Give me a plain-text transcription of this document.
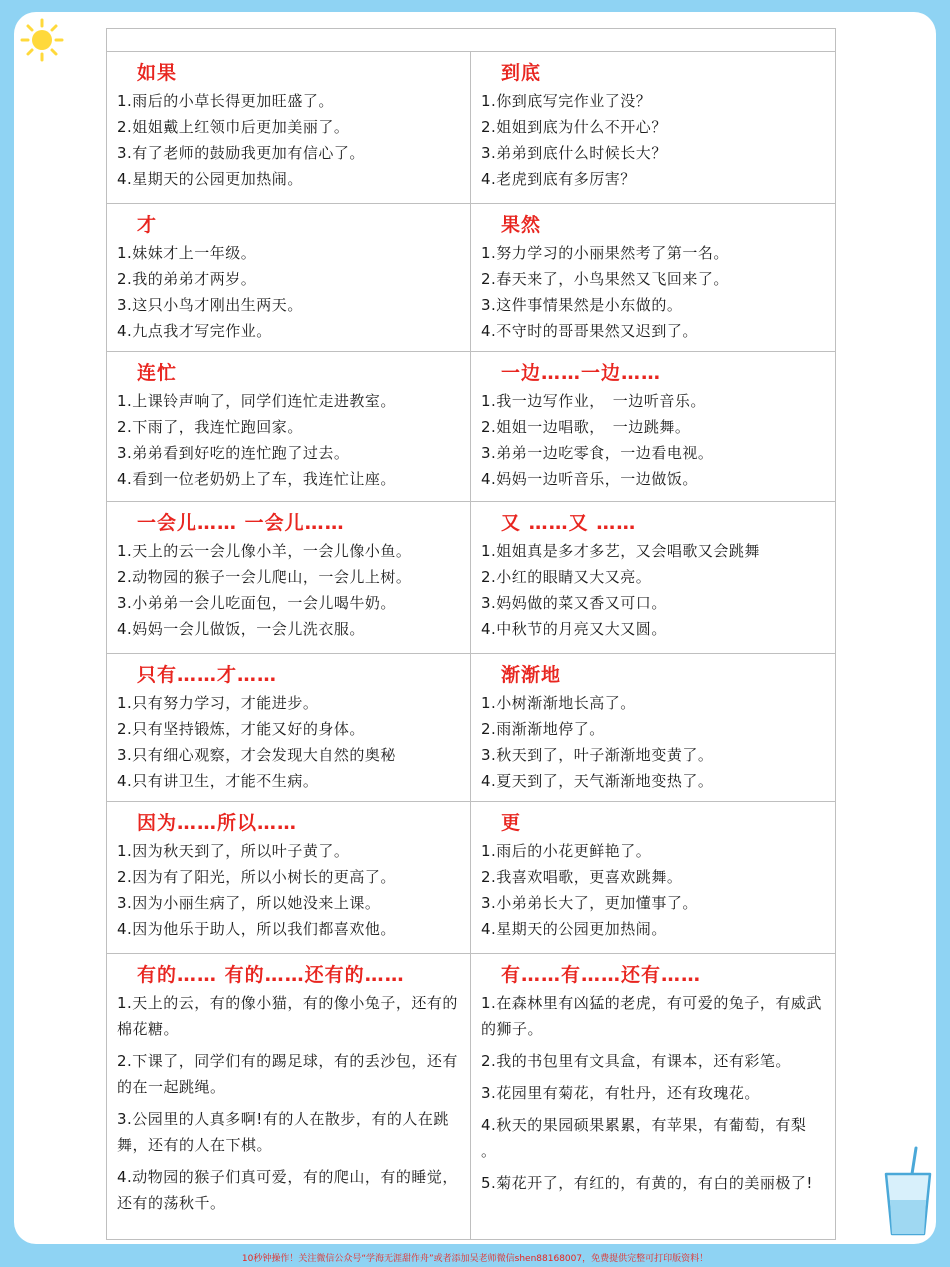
如果
1.雨后的小草长得更加旺盛了。
2.姐姐戴上红领巾后更加美丽了。
3.有了老师的鼓励我更加有信心了。
4.星期天的公园更加热闹。
到底
1.你到底写完作业了没？
2.姐姐到底为什么不开心？
3.弟弟到底什么时候长大？
4.老虎到底有多厉害？
才
1.妹妹才上一年级。
2.我的弟弟才两岁。
3.这只小鸟才刚出生两天。
4.九点我才写完作业。
果然
1.努力学习的小丽果然考了第一名。
2.春天来了，小鸟果然又飞回来了。
3.这件事情果然是小东做的。
4.不守时的哥哥果然又迟到了。
连忙
1.上课铃声响了，同学们连忙走进教室。
2.下雨了，我连忙跑回家。
3.弟弟看到好吃的连忙跑了过去。
4.看到一位老奶奶上了车，我连忙让座。
一边……一边……
1.我一边写作业，　一边听音乐。
2.姐姐一边唱歌，　一边跳舞。
3.弟弟一边吃零食，一边看电视。
4.妈妈一边听音乐，一边做饭。
一会儿…… 一会儿……
1.天上的云一会儿像小羊，一会儿像小鱼。
2.动物园的猴子一会儿爬山，一会儿上树。
3.小弟弟一会儿吃面包，一会儿喝牛奶。
4.妈妈一会儿做饭，一会儿洗衣服。
又 ……又 ……
1.姐姐真是多才多艺，又会唱歌又会跳舞
2.小红的眼睛又大又亮。
3.妈妈做的菜又香又可口。
4.中秋节的月亮又大又圆。
只有……才……
1.只有努力学习，才能进步。
2.只有坚持锻炼，才能又好的身体。
3.只有细心观察，才会发现大自然的奥秘
4.只有讲卫生，才能不生病。
渐渐地
1.小树渐渐地长高了。
2.雨渐渐地停了。
3.秋天到了，叶子渐渐地变黄了。
4.夏天到了，天气渐渐地变热了。
因为……所以……
1.因为秋天到了，所以叶子黄了。
2.因为有了阳光，所以小树长的更高了。
3.因为小丽生病了，所以她没来上课。
4.因为他乐于助人，所以我们都喜欢他。
更
1.雨后的小花更鲜艳了。
2.我喜欢唱歌，更喜欢跳舞。
3.小弟弟长大了，更加懂事了。
4.星期天的公园更加热闹。
有的…… 有的……还有的……
1.天上的云，有的像小猫，有的像小兔子，还有的棉花糖。
2.下课了，同学们有的踢足球，有的丢沙包，还有的在一起跳绳。
3.公园里的人真多啊!有的人在散步，有的人在跳舞，还有的人在下棋。
4.动物园的猴子们真可爱，有的爬山，有的睡觉，还有的荡秋千。
有……有……还有……
1.在森林里有凶猛的老虎，有可爱的兔子，有威武的狮子。
2.我的书包里有文具盒，有课本，还有彩笔。
3.花园里有菊花，有牡丹，还有玫瑰花。
4.秋天的果园硕果累累，有苹果，有葡萄，有梨 。
5.菊花开了，有红的，有黄的，有白的美丽极了!
10秒钟操作！关注微信公众号“学海无涯甜作舟”或者添加吴老师微信shen88168007，免费提供完整可打印版资料！
